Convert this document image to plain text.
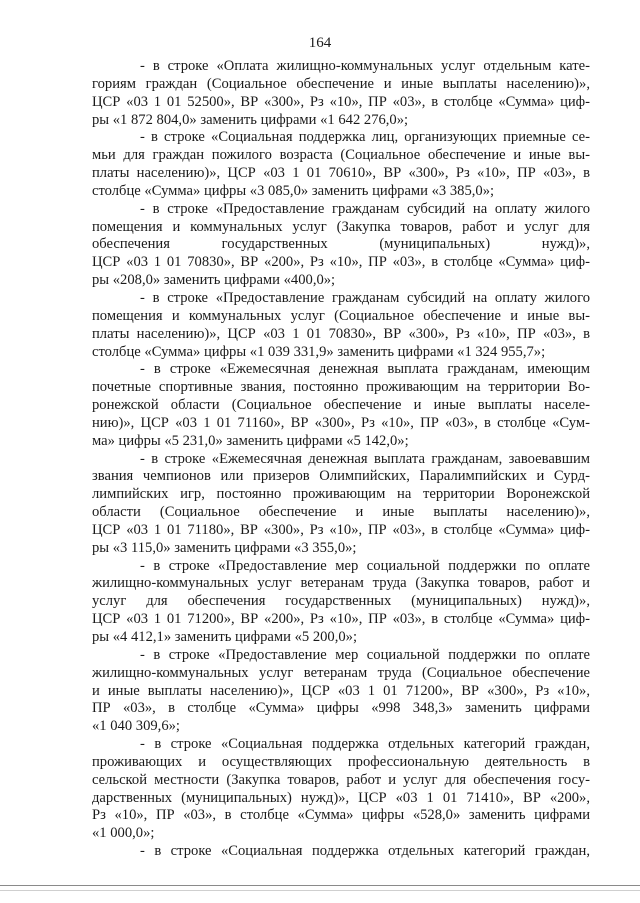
164
- в строке «Оплата жилищно-коммунальных услуг отдельным кате-
гориям граждан (Социальное обеспечение и иные выплаты населению)»,
ЦСР «03 1 01 52500», ВР «300», Рз «10», ПР «03», в столбце «Сумма» циф-
ры «1 872 804,0» заменить цифрами «1 642 276,0»;
- в строке «Социальная поддержка лиц, организующих приемные се-
мьи для граждан пожилого возраста (Социальное обеспечение и иные вы-
платы населению)», ЦСР «03 1 01 70610», ВР «300», Рз «10», ПР «03», в
столбце «Сумма» цифры «3 085,0» заменить цифрами «3 385,0»;
- в строке «Предоставление гражданам субсидий на оплату жилого
помещения и коммунальных услуг (Закупка товаров, работ и услуг для
обеспечения государственных (муниципальных) нужд)»,
ЦСР «03 1 01 70830», ВР «200», Рз «10», ПР «03», в столбце «Сумма» циф-
ры «208,0» заменить цифрами «400,0»;
- в строке «Предоставление гражданам субсидий на оплату жилого
помещения и коммунальных услуг (Социальное обеспечение и иные вы-
платы населению)», ЦСР «03 1 01 70830», ВР «300», Рз «10», ПР «03», в
столбце «Сумма» цифры «1 039 331,9» заменить цифрами «1 324 955,7»;
- в строке «Ежемесячная денежная выплата гражданам, имеющим
почетные спортивные звания, постоянно проживающим на территории Во-
ронежской области (Социальное обеспечение и иные выплаты населе-
нию)», ЦСР «03 1 01 71160», ВР «300», Рз «10», ПР «03», в столбце «Сум-
ма» цифры «5 231,0» заменить цифрами «5 142,0»;
- в строке «Ежемесячная денежная выплата гражданам, завоевавшим
звания чемпионов или призеров Олимпийских, Паралимпийских и Сурд-
лимпийских игр, постоянно проживающим на территории Воронежской
области (Социальное обеспечение и иные выплаты населению)»,
ЦСР «03 1 01 71180», ВР «300», Рз «10», ПР «03», в столбце «Сумма» циф-
ры «3 115,0» заменить цифрами «3 355,0»;
- в строке «Предоставление мер социальной поддержки по оплате
жилищно-коммунальных услуг ветеранам труда (Закупка товаров, работ и
услуг для обеспечения государственных (муниципальных) нужд)»,
ЦСР «03 1 01 71200», ВР «200», Рз «10», ПР «03», в столбце «Сумма» циф-
ры «4 412,1» заменить цифрами «5 200,0»;
- в строке «Предоставление мер социальной поддержки по оплате
жилищно-коммунальных услуг ветеранам труда (Социальное обеспечение
и иные выплаты населению)», ЦСР «03 1 01 71200», ВР «300», Рз «10»,
ПР «03», в столбце «Сумма» цифры «998 348,3» заменить цифрами
«1 040 309,6»;
- в строке «Социальная поддержка отдельных категорий граждан,
проживающих и осуществляющих профессиональную деятельность в
сельской местности (Закупка товаров, работ и услуг для обеспечения госу-
дарственных (муниципальных) нужд)», ЦСР «03 1 01 71410», ВР «200»,
Рз «10», ПР «03», в столбце «Сумма» цифры «528,0» заменить цифрами
«1 000,0»;
- в строке «Социальная поддержка отдельных категорий граждан,
